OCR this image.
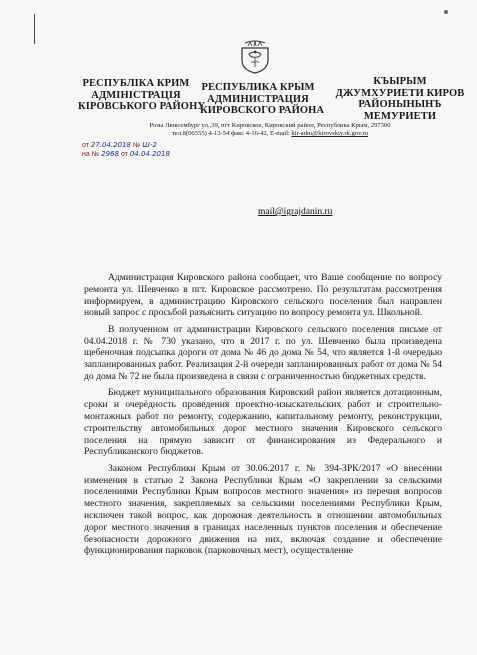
РЕСПУБЛІКА КРИМ
АДМІНІСТРАЦІЯ
КІРОВСЬКОГО РАЙОНУ
РЕСПУБЛИКА КРЫМ
АДМИНИСТРАЦИЯ
КИРОВСКОГО РАЙОНА
КЪЫРЫМ
ДЖУМХУРИЕТИ КИРОВ
РАЙОНЫНЫНЪ
МЕМУРИЕТИ
Розы Люксембург ул.,39, пгт Кировское, Кировский район, Республика Крым, 297300
тел.8(06555) 4-13-54 факс 4-16-42, E-mail: kir-adm@kirovskiy.rk.gov.ru
от 27.04.2018 № Ш-2
на № 2968 от 04.04.2018
mail@igrajdanin.ru

Администрация Кировского района сообщает, что Ваше сообщение по вопросу ремонта ул. Шевченко в пгт. Кировское рассмотрено. По результатам рассмотрения информируем, в администрацию Кировского сельского поселения был направлен новый запрос с просьбой разъяснить ситуацию по вопросу ремонта ул. Школьной.

В полученном от администрации Кировского сельского поселения письме от 04.04.2018 г. № 730 указано, что в 2017 г. по ул. Шевченко была произведена щебеночная подсыпка дороги от дома № 46 до дома № 54, что является 1-й очередью запланированных работ. Реализация 2-й очереди запланированных работ от дома № 54 до дома № 72 не была произведена в связи с ограниченностью бюджетных средств.

Бюджет муниципального образования Кировский район является дотационным, сроки и очерёдность проведения проектно-изыскательских работ и строительно-монтажных работ по ремонту, содержанию, капитальному ремонту, реконструкции, строительству автомобильных дорог местного значения Кировского сельского поселения на прямую зависит от финансирования из Федерального и Республиканского бюджетов.

Законом Республики Крым от 30.06.2017 г. № 394-ЗРК/2017 «О внесении изменения в статью 2 Закона Республики Крым «О закреплении за сельскими поселениями Республики Крым вопросов местного значения» из перечня вопросов местного значения, закрепляемых за сельскими поселениями Республики Крым, исключен такой вопрос, как дорожная деятельность в отношении автомобильных дорог местного значения в границах населенных пунктов поселения и обеспечение безопасности дорожного движения на них, включая создание и обеспечение функционирования парковок (парковочных мест), осуществление
